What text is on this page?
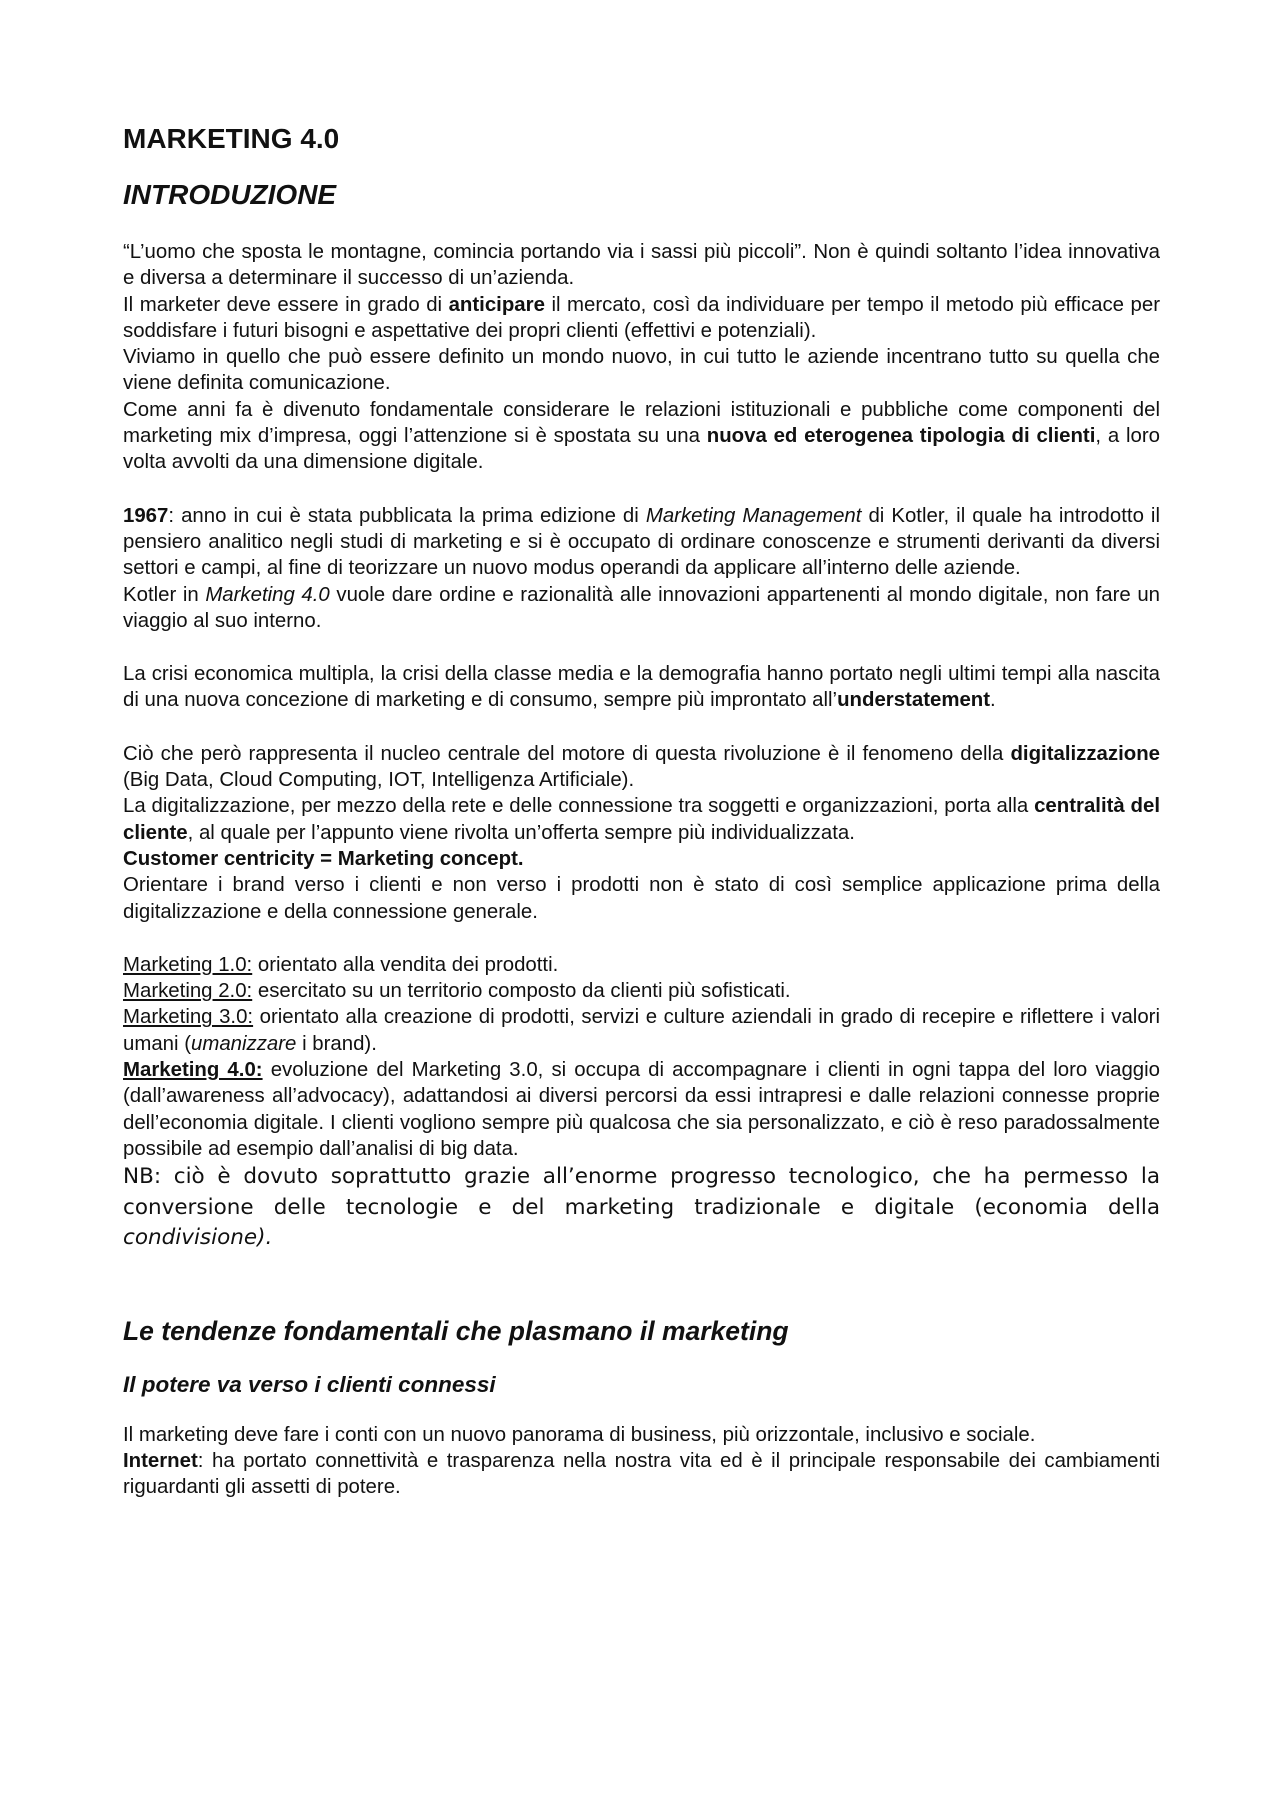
MARKETING 4.0
INTRODUZIONE

“L’uomo che sposta le montagne, comincia portando via i sassi più piccoli”. Non è quindi soltanto l’idea innovativa e diversa a determinare il successo di un’azienda.

Il marketer deve essere in grado di anticipare il mercato, così da individuare per tempo il metodo più efficace per soddisfare i futuri bisogni e aspettative dei propri clienti (effettivi e potenziali).

Viviamo in quello che può essere definito un mondo nuovo, in cui tutto le aziende incentrano tutto su quella che viene definita comunicazione.

Come anni fa è divenuto fondamentale considerare le relazioni istituzionali e pubbliche come componenti del marketing mix d’impresa, oggi l’attenzione si è spostata su una nuova ed eterogenea tipologia di clienti, a loro volta avvolti da una dimensione digitale.

1967: anno in cui è stata pubblicata la prima edizione di Marketing Management di Kotler, il quale ha introdotto il pensiero analitico negli studi di marketing e si è occupato di ordinare conoscenze e strumenti derivanti da diversi settori e campi, al fine di teorizzare un nuovo modus operandi da applicare all’interno delle aziende.

Kotler in Marketing 4.0 vuole dare ordine e razionalità alle innovazioni appartenenti al mondo digitale, non fare un viaggio al suo interno.

La crisi economica multipla, la crisi della classe media e la demografia hanno portato negli ultimi tempi alla nascita di una nuova concezione di marketing e di consumo, sempre più improntato all’understatement.

Ciò che però rappresenta il nucleo centrale del motore di questa rivoluzione è il fenomeno della digitalizzazione (Big Data, Cloud Computing, IOT, Intelligenza Artificiale).

La digitalizzazione, per mezzo della rete e delle connessione tra soggetti e organizzazioni, porta alla centralità del cliente, al quale per l’appunto viene rivolta un’offerta sempre più individualizzata.

Customer centricity = Marketing concept.

Orientare i brand verso i clienti e non verso i prodotti non è stato di così semplice applicazione prima della digitalizzazione e della connessione generale.

Marketing 1.0: orientato alla vendita dei prodotti.

Marketing 2.0: esercitato su un territorio composto da clienti più sofisticati.

Marketing 3.0: orientato alla creazione di prodotti, servizi e culture aziendali in grado di recepire e riflettere i valori umani (umanizzare i brand).

Marketing 4.0: evoluzione del Marketing 3.0, si occupa di accompagnare i clienti in ogni tappa del loro viaggio (dall’awareness all’advocacy), adattandosi ai diversi percorsi da essi intrapresi e dalle relazioni connesse proprie dell’economia digitale. I clienti vogliono sempre più qualcosa che sia personalizzato, e ciò è reso paradossalmente possibile ad esempio dall’analisi di big data.

NB: ciò è dovuto soprattutto grazie all’enorme progresso tecnologico, che ha permesso la conversione delle tecnologie e del marketing tradizionale e digitale (economia della condivisione).

Le tendenze fondamentali che plasmano il marketing
Il potere va verso i clienti connessi

Il marketing deve fare i conti con un nuovo panorama di business, più orizzontale, inclusivo e sociale.

Internet: ha portato connettività e trasparenza nella nostra vita ed è il principale responsabile dei cambiamenti riguardanti gli assetti di potere.
